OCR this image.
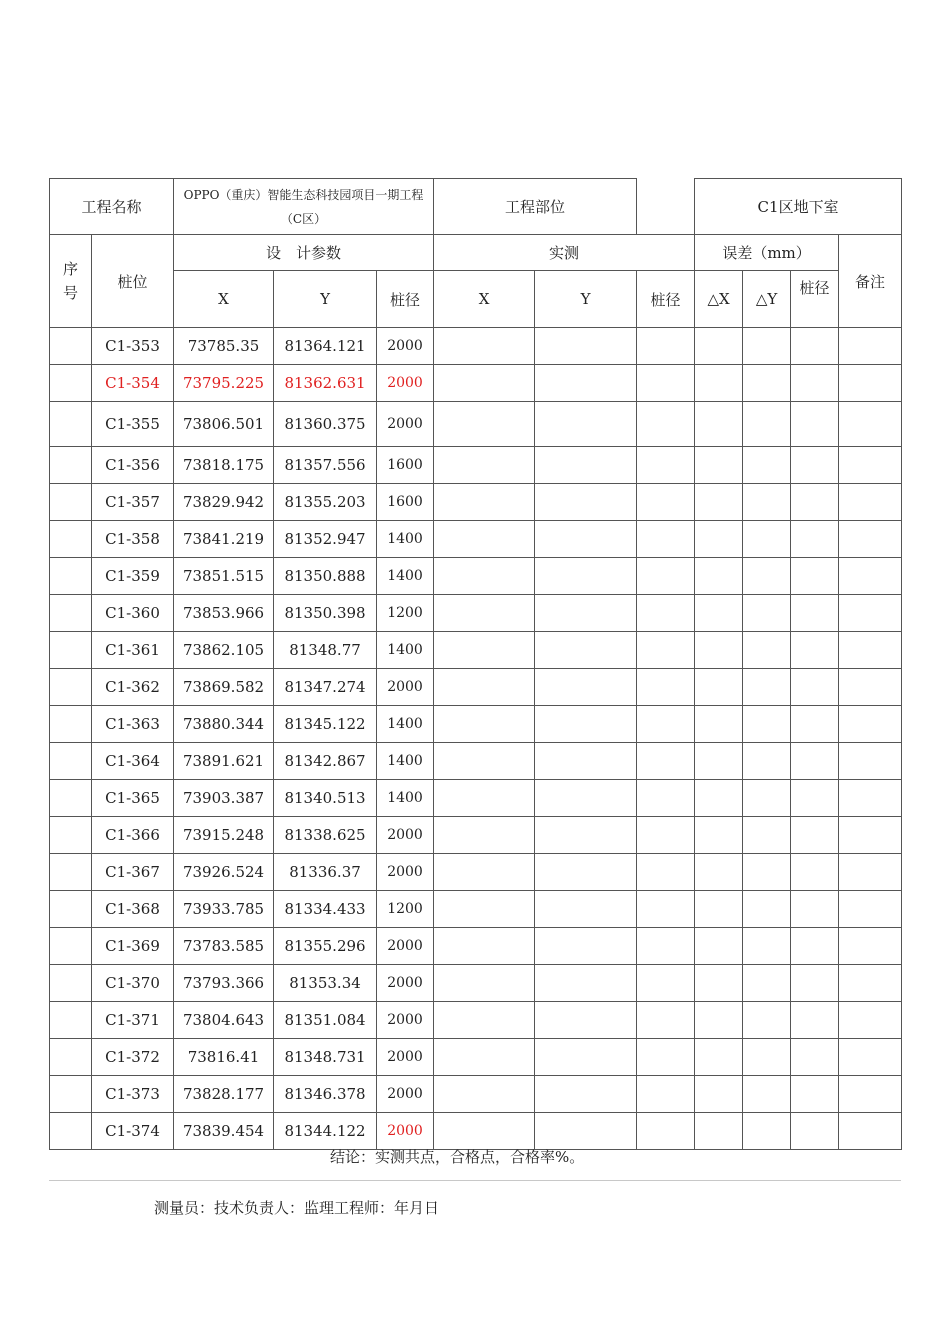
工程名称		OPPO（重庆）智能生态科技园项目一期工程（C区）			工程部位			C1区地下室			
序
号	桩位	设　计参数			实测			误差（mm）			备注
		X	Y	桩径	X	Y	桩径	△X	△Y	桩径	
	C1-353	73785.35	81364.121	2000							
	C1-354	73795.225	81362.631	2000							
	C1-355	73806.501	81360.375	2000							
	C1-356	73818.175	81357.556	1600							
	C1-357	73829.942	81355.203	1600							
	C1-358	73841.219	81352.947	1400							
	C1-359	73851.515	81350.888	1400							
	C1-360	73853.966	81350.398	1200							
	C1-361	73862.105	81348.77	1400							
	C1-362	73869.582	81347.274	2000							
	C1-363	73880.344	81345.122	1400							
	C1-364	73891.621	81342.867	1400							
	C1-365	73903.387	81340.513	1400							
	C1-366	73915.248	81338.625	2000							
	C1-367	73926.524	81336.37	2000							
	C1-368	73933.785	81334.433	1200							
	C1-369	73783.585	81355.296	2000							
	C1-370	73793.366	81353.34	2000							
	C1-371	73804.643	81351.084	2000							
	C1-372	73816.41	81348.731	2000							
	C1-373	73828.177	81346.378	2000							
	C1-374	73839.454	81344.122	2000							
结论：实测共点，合格点，合格率%。
测量员：技术负责人：监理工程师：年月日
